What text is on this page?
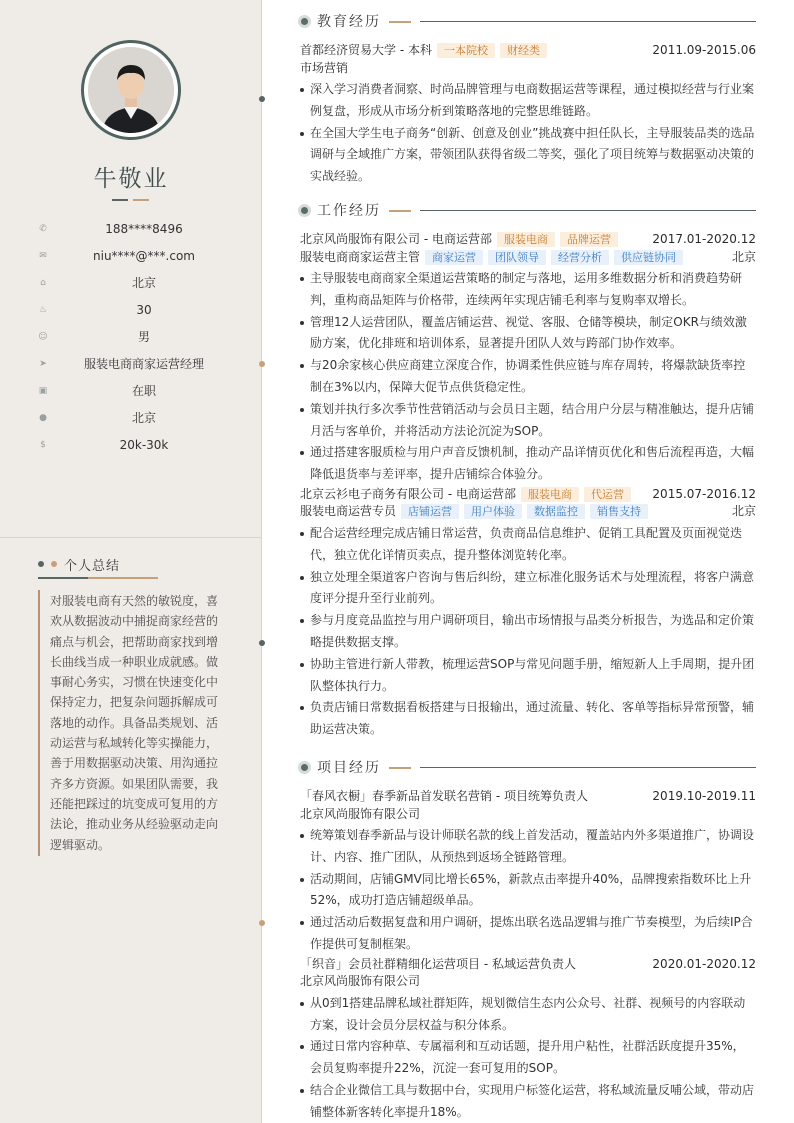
牛敬业
✆	188****8496
✉	niu****@***.com
⌂	北京
♨	30
☺	男
➤	服装电商商家运营经理
▣	在职
●	北京
$	20k-30k
个人总结
对服装电商有天然的敏锐度，喜欢从数据波动中捕捉商家经营的痛点与机会，把帮助商家找到增长曲线当成一种职业成就感。做事耐心务实，习惯在快速变化中保持定力，把复杂问题拆解成可落地的动作。具备品类规划、活动运营与私域转化等实操能力，善于用数据驱动决策、用沟通拉齐多方资源。如果团队需要，我还能把踩过的坑变成可复用的方法论，推动业务从经验驱动走向逻辑驱动。
教育经历
首都经济贸易大学 - 本科 一本院校 财经类	2011.09-2015.06
市场营销
深入学习消费者洞察、时尚品牌管理与电商数据运营等课程，通过模拟经营与行业案例复盘，形成从市场分析到策略落地的完整思维链路。
在全国大学生电子商务“创新、创意及创业”挑战赛中担任队长，主导服装品类的选品调研与全域推广方案，带领团队获得省级二等奖，强化了项目统筹与数据驱动决策的实战经验。
工作经历
北京风尚服饰有限公司 - 电商运营部 服装电商 品牌运营	2017.01-2020.12
服装电商商家运营主管 商家运营 团队领导 经营分析 供应链协同	北京
主导服装电商商家全渠道运营策略的制定与落地，运用多维数据分析和消费趋势研判，重构商品矩阵与价格带，连续两年实现店铺毛利率与复购率双增长。
管理12人运营团队，覆盖店铺运营、视觉、客服、仓储等模块，制定OKR与绩效激励方案，优化排班和培训体系，显著提升团队人效与跨部门协作效率。
与20余家核心供应商建立深度合作，协调柔性供应链与库存周转，将爆款缺货率控制在3%以内，保障大促节点供货稳定性。
策划并执行多次季节性营销活动与会员日主题，结合用户分层与精准触达，提升店铺月活与客单价，并将活动方法论沉淀为SOP。
通过搭建客服质检与用户声音反馈机制，推动产品详情页优化和售后流程再造，大幅降低退货率与差评率，提升店铺综合体验分。
北京云衫电子商务有限公司 - 电商运营部 服装电商 代运营 2015.07-2016.12
服装电商运营专员 店铺运营 用户体验 数据监控 销售支持	北京
配合运营经理完成店铺日常运营，负责商品信息维护、促销工具配置及页面视觉迭代，独立优化详情页卖点，提升整体浏览转化率。
独立处理全渠道客户咨询与售后纠纷，建立标准化服务话术与处理流程，将客户满意度评分提升至行业前列。
参与月度竞品监控与用户调研项目，输出市场情报与品类分析报告，为选品和定价策略提供数据支撑。
协助主管进行新人带教，梳理运营SOP与常见问题手册，缩短新人上手周期，提升团队整体执行力。
负责店铺日常数据看板搭建与日报输出，通过流量、转化、客单等指标异常预警，辅助运营决策。
项目经历
「春风衣橱」春季新品首发联名营销 - 项目统筹负责人	2019.10-2019.11
北京风尚服饰有限公司
统筹策划春季新品与设计师联名款的线上首发活动，覆盖站内外多渠道推广，协调设计、内容、推广团队，从预热到返场全链路管理。
活动期间，店铺GMV同比增长65%，新款点击率提升40%，品牌搜索指数环比上升52%，成功打造店铺超级单品。
通过活动后数据复盘和用户调研，提炼出联名选品逻辑与推广节奏模型，为后续IP合作提供可复制框架。
「织音」会员社群精细化运营项目 - 私域运营负责人	2020.01-2020.12
北京风尚服饰有限公司
从0到1搭建品牌私域社群矩阵，规划微信生态内公众号、社群、视频号的内容联动方案，设计会员分层权益与积分体系。
通过日常内容种草、专属福利和互动话题，提升用户粘性，社群活跃度提升35%，会员复购率提升22%，沉淀一套可复用的SOP。
结合企业微信工具与数据中台，实现用户标签化运营，将私域流量反哺公域，带动店铺整体新客转化率提升18%。
